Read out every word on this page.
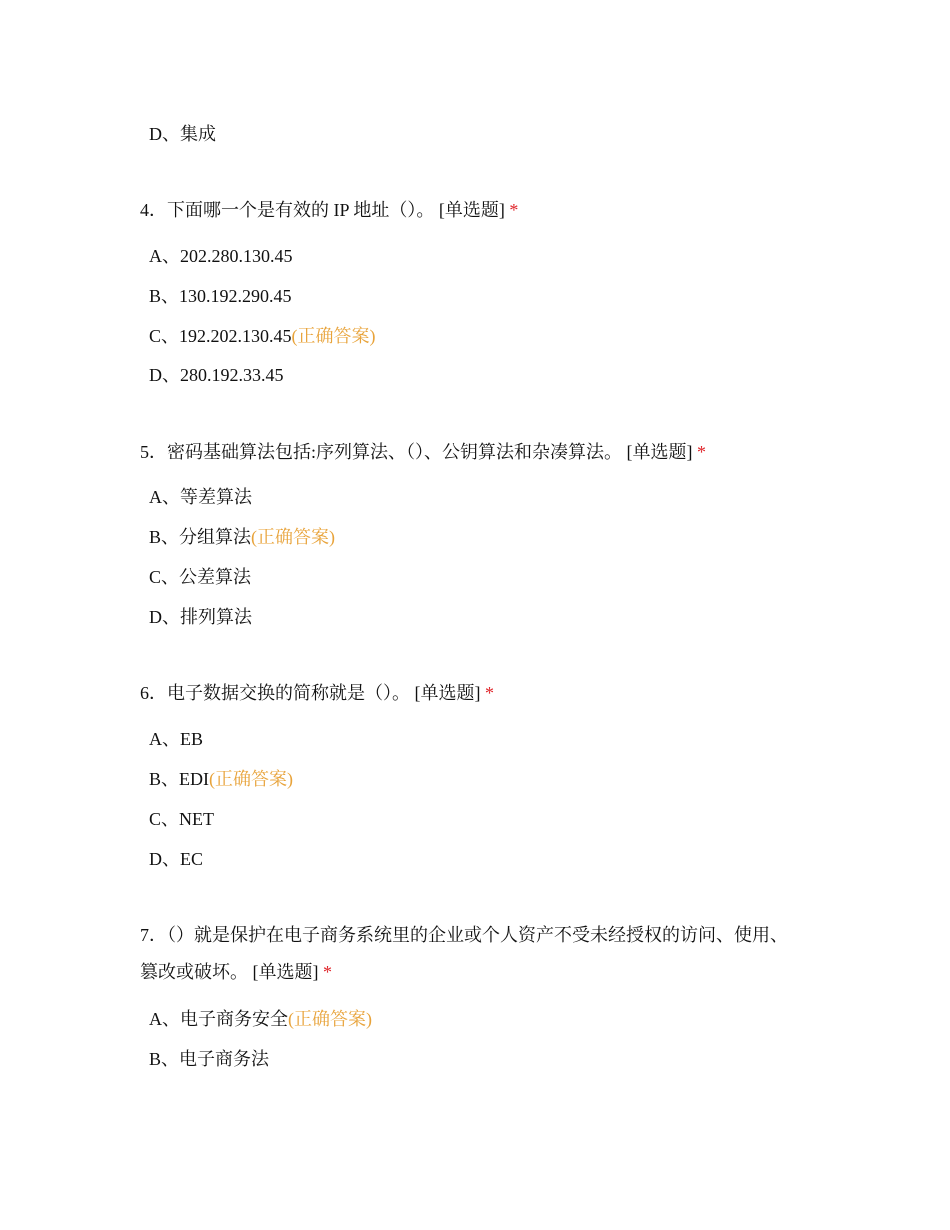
D、集成
4．下面哪一个是有效的 IP 地址（）。 [单选题] *
A、202.280.130.45
B、130.192.290.45
C、192.202.130.45(正确答案)
D、280.192.33.45
5．密码基础算法包括:序列算法、（）、公钥算法和杂凑算法。 [单选题] *
A、等差算法
B、分组算法(正确答案)
C、公差算法
D、排列算法
6．电子数据交换的简称就是（）。 [单选题] *
A、EB
B、EDI(正确答案)
C、NET
D、EC
7．（）就是保护在电子商务系统里的企业或个人资产不受未经授权的访问、使用、篡改或破坏。 [单选题] *
A、电子商务安全(正确答案)
B、电子商务法
